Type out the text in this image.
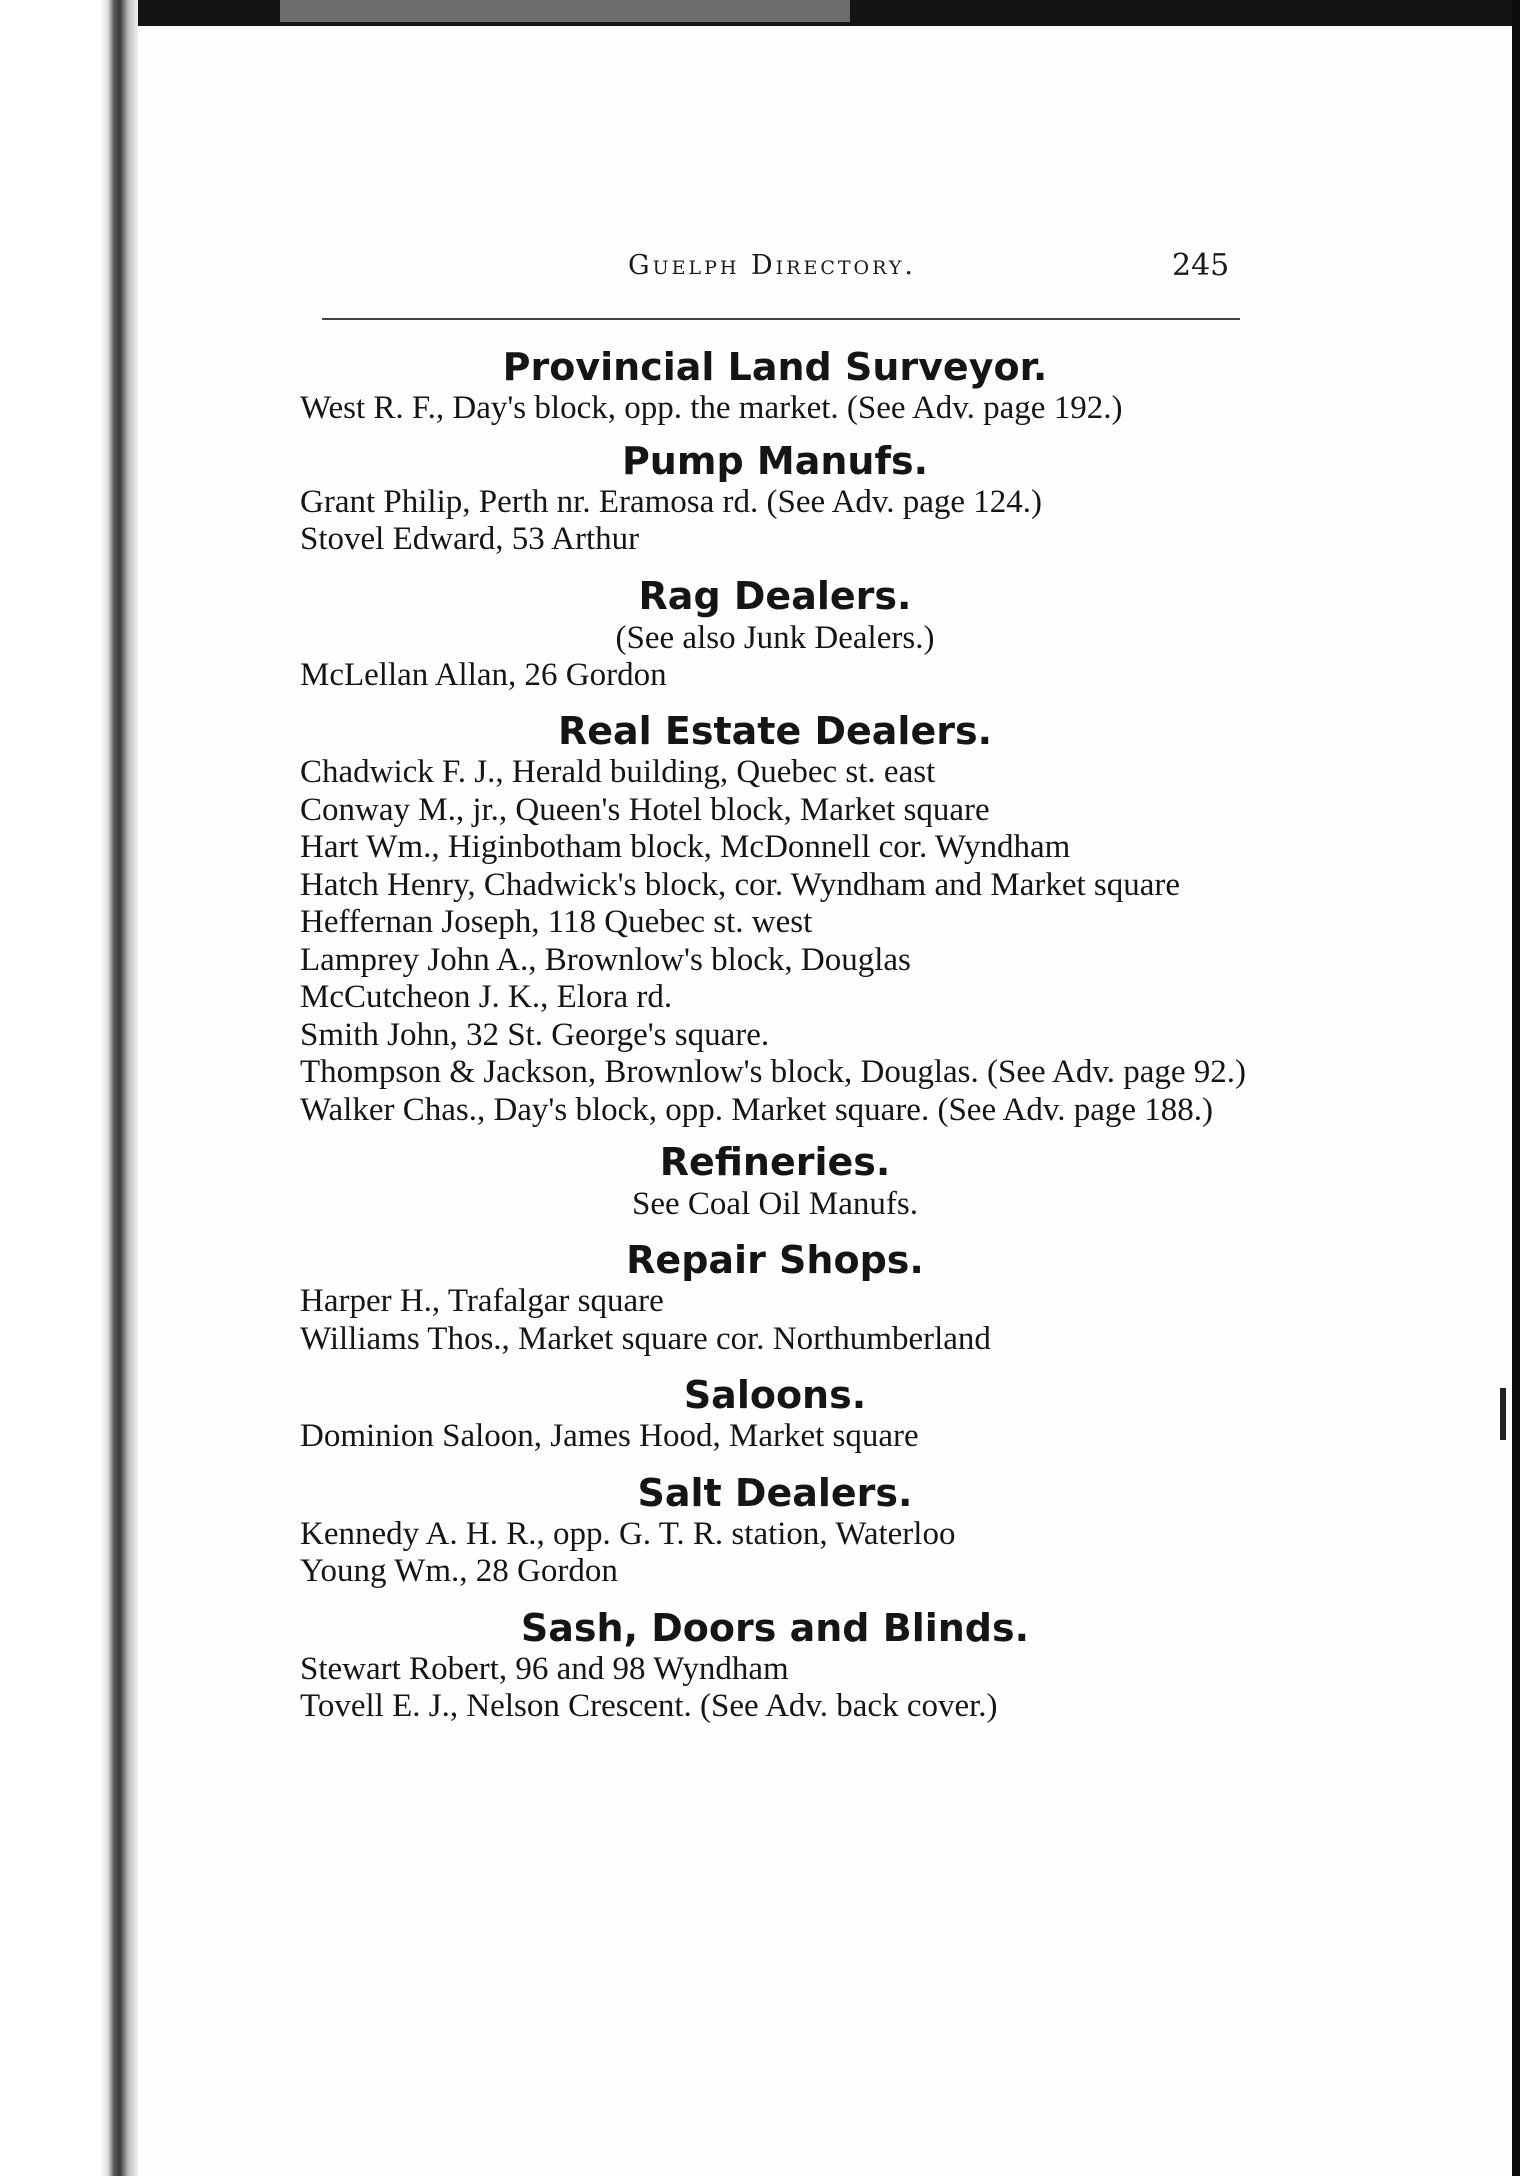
Guelph Directory.	245
Provincial Land Surveyor.

West R. F., Day's block, opp. the market. (See Adv. page 192.)

Pump Manufs.

Grant Philip, Perth nr. Eramosa rd. (See Adv. page 124.)

Stovel Edward, 53 Arthur

Rag Dealers.

(See also Junk Dealers.)

McLellan Allan, 26 Gordon

Real Estate Dealers.

Chadwick F. J., Herald building, Quebec st. east

Conway M., jr., Queen's Hotel block, Market square

Hart Wm., Higinbotham block, McDonnell cor. Wyndham

Hatch Henry, Chadwick's block, cor. Wyndham and Market square

Heffernan Joseph, 118 Quebec st. west

Lamprey John A., Brownlow's block, Douglas

McCutcheon J. K., Elora rd.

Smith John, 32 St. George's square.

Thompson & Jackson, Brownlow's block, Douglas. (See Adv. page 92.)

Walker Chas., Day's block, opp. Market square. (See Adv. page 188.)

Refineries.

See Coal Oil Manufs.

Repair Shops.

Harper H., Trafalgar square

Williams Thos., Market square cor. Northumberland

Saloons.

Dominion Saloon, James Hood, Market square

Salt Dealers.

Kennedy A. H. R., opp. G. T. R. station, Waterloo

Young Wm., 28 Gordon

Sash, Doors and Blinds.

Stewart Robert, 96 and 98 Wyndham

Tovell E. J., Nelson Crescent. (See Adv. back cover.)
